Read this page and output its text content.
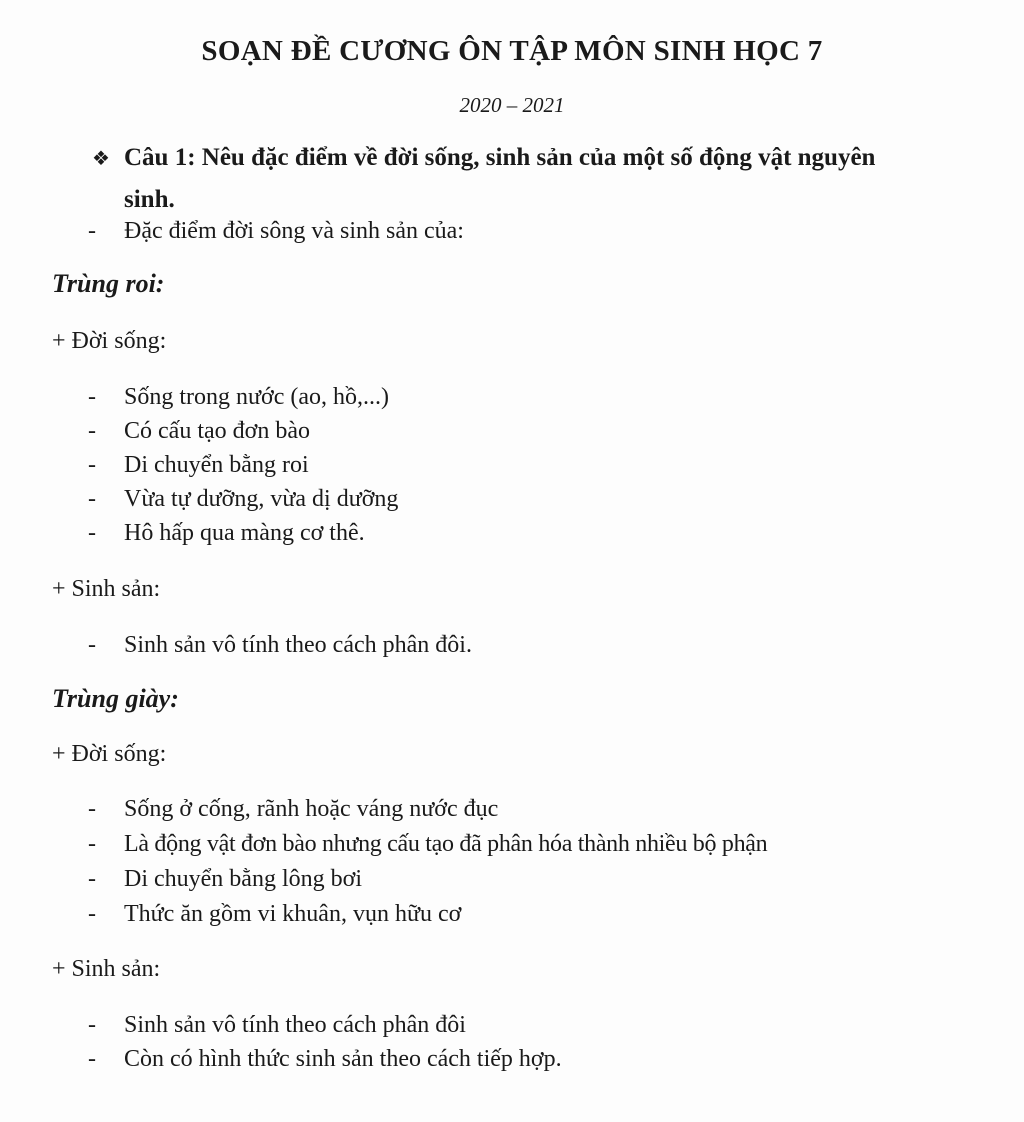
SOẠN ĐỀ CƯƠNG ÔN TẬP MÔN SINH HỌC 7
2020 – 2021
❖ Câu 1: Nêu đặc điểm về đời sống, sinh sản của một số động vật nguyên
sinh.
- Đặc điểm đời sông và sinh sản của:
Trùng roi:
+ Đời sống:
- Sống trong nước (ao, hồ,...)
- Có cấu tạo đơn bào
- Di chuyển bằng roi
- Vừa tự dưỡng, vừa dị dưỡng
- Hô hấp qua màng cơ thê.
+ Sinh sản:
- Sinh sản vô tính theo cách phân đôi.
Trùng giày:
+ Đời sống:
- Sống ở cống, rãnh hoặc váng nước đục
- Là động vật đơn bào nhưng cấu tạo đã phân hóa thành nhiều bộ phận
- Di chuyển bằng lông bơi
- Thức ăn gồm vi khuân, vụn hữu cơ
+ Sinh sản:
- Sinh sản vô tính theo cách phân đôi
- Còn có hình thức sinh sản theo cách tiếp hợp.
